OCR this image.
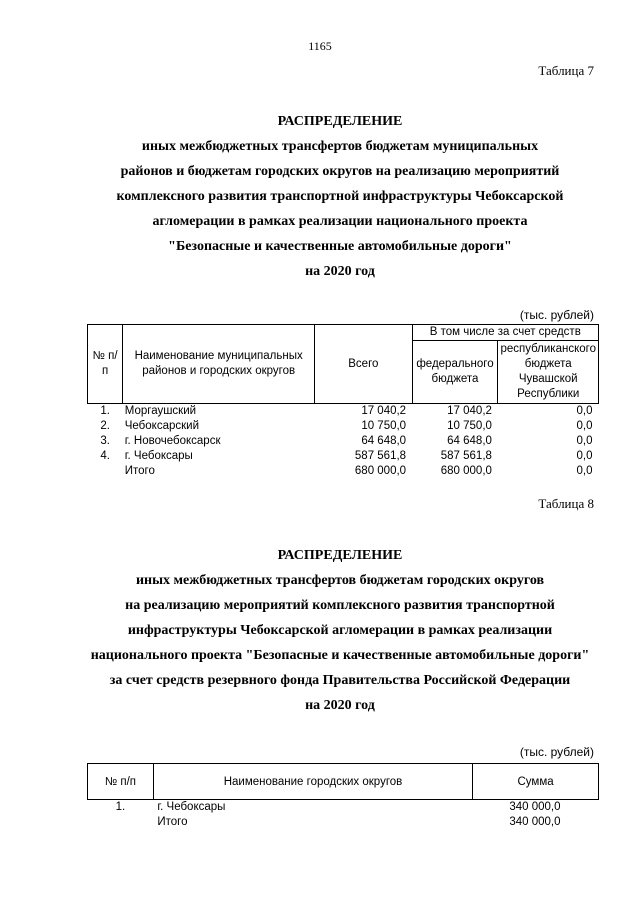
1165
Таблица 7
РАСПРЕДЕЛЕНИЕ
иных межбюджетных трансфертов бюджетам муниципальных
районов и бюджетам городских округов на реализацию мероприятий
комплексного развития транспортной инфраструктуры Чебоксарской
агломерации в рамках реализации национального проекта
"Безопасные и качественные автомобильные дороги"
на 2020 год
(тыс. рублей)
№ п/п	Наименование муниципальных районов и городских округов	Всего	В том числе за счет средств	
			федерального бюджета	республиканского бюджета Чувашской Республики
1.	Моргаушский	17 040,2	17 040,2	0,0
2.	Чебоксарский	10 750,0	10 750,0	0,0
3.	г. Новочебоксарск	64 648,0	64 648,0	0,0
4.	г. Чебоксары	587 561,8	587 561,8	0,0
	Итого	680 000,0	680 000,0	0,0
Таблица 8
РАСПРЕДЕЛЕНИЕ
иных межбюджетных трансфертов бюджетам городских округов
на реализацию мероприятий комплексного развития транспортной
инфраструктуры Чебоксарской агломерации в рамках реализации
национального проекта "Безопасные и качественные автомобильные дороги"
за счет средств резервного фонда Правительства Российской Федерации
на 2020 год
(тыс. рублей)
№ п/п	Наименование городских округов	Сумма
1.	г. Чебоксары	340 000,0
	Итого	340 000,0
